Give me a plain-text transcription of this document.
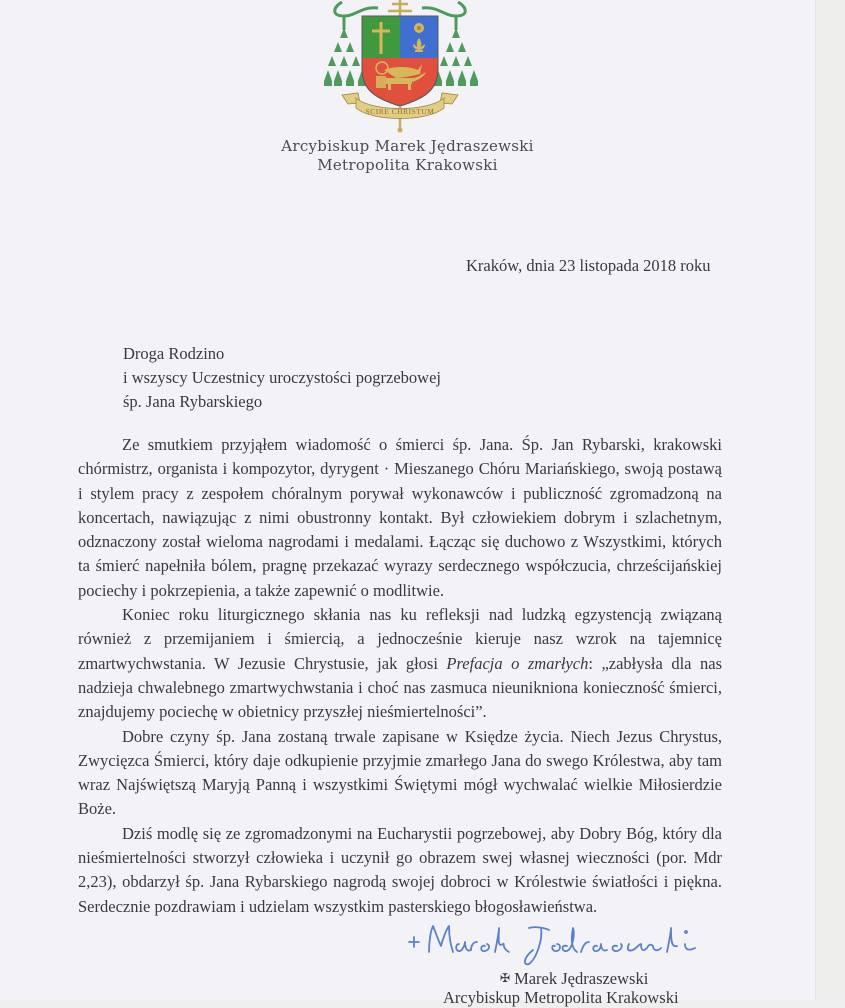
SCIRE CHRISTUM
Arcybiskup Marek Jędraszewski
Metropolita Krakowski
Kraków, dnia 23 listopada 2018 roku
Droga Rodzino
i wszyscy Uczestnicy uroczystości pogrzebowej
śp. Jana Rybarskiego

Ze smutkiem przyjąłem wiadomość o śmierci śp. Jana. Śp. Jan Rybarski, krakowski chórmistrz, organista i kompozytor, dyrygent · Mieszanego Chóru Mariańskiego, swoją postawą i stylem pracy z zespołem chóralnym porywał wykonawców i publiczność zgromadzoną na koncertach, nawiązując z nimi obustronny kontakt. Był człowiekiem dobrym i szlachetnym, odznaczony został wieloma nagrodami i medalami. Łącząc się duchowo z Wszystkimi, których ta śmierć napełniła bólem, pragnę przekazać wyrazy serdecznego współczucia, chrześcijańskiej pociechy i pokrzepienia, a także zapewnić o modlitwie.

Koniec roku liturgicznego skłania nas ku refleksji nad ludzką egzystencją związaną również z przemijaniem i śmiercią, a jednocześnie kieruje nasz wzrok na tajemnicę zmartwychwstania. W Jezusie Chrystusie, jak głosi Prefacja o zmarłych: „zabłysła dla nas nadzieja chwalebnego zmartwychwstania i choć nas zasmuca nieunikniona konieczność śmierci, znajdujemy pociechę w obietnicy przyszłej nieśmiertelności”.

Dobre czyny śp. Jana zostaną trwale zapisane w Księdze życia. Niech Jezus Chrystus, Zwycięzca Śmierci, który daje odkupienie przyjmie zmarłego Jana do swego Królestwa, aby tam wraz Najświętszą Maryją Panną i wszystkimi Świętymi mógł wychwalać wielkie Miłosierdzie Boże.

Dziś modlę się ze zgromadzonymi na Eucharystii pogrzebowej, aby Dobry Bóg, który dla nieśmiertelności stworzył człowieka i uczynił go obrazem swej własnej wieczności (por. Mdr 2,23), obdarzył śp. Jana Rybarskiego nagrodą swojej dobroci w Królestwie światłości i piękna. Serdecznie pozdrawiam i udzielam wszystkim pasterskiego błogosławieństwa.

✠ Marek Jędraszewski
Arcybiskup Metropolita Krakowski
